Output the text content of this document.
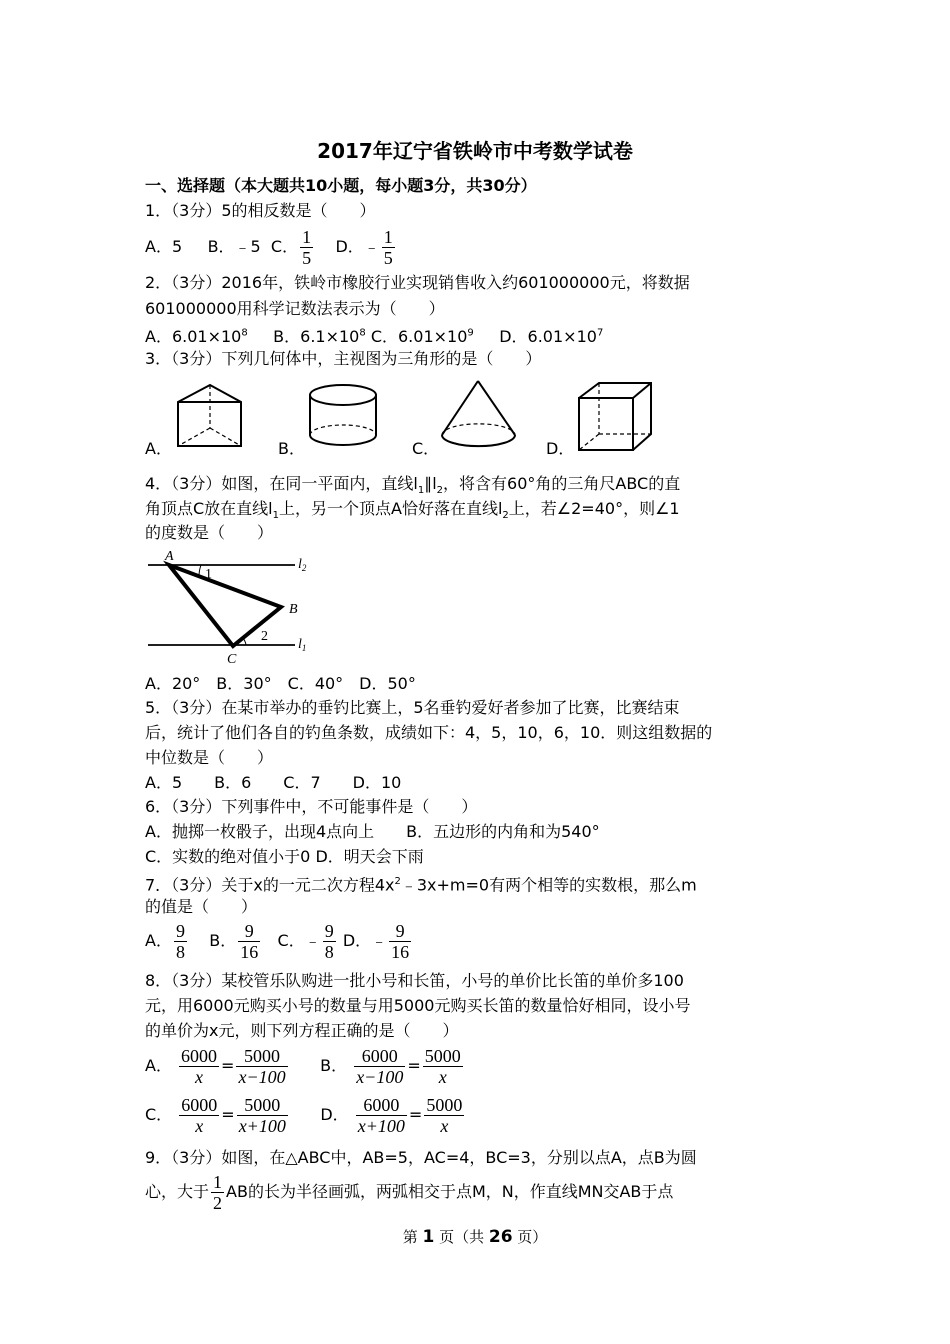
2017年辽宁省铁岭市中考数学试卷
一、选择题（本大题共10小题，每小题3分，共30分）
1．（3分）5的相反数是（　　）
A．5 B．﹣5 C． $\frac{1}{5}$ D．﹣ $\frac{1}{5}$
2．（3分）2016年，铁岭市橡胶行业实现销售收入约601000000元，将数据
601000000用科学记数法表示为（　　）
A．$6.01\times 10^8$ B．$6.1\times 10^8$ C．$6.01\times 10^9$ D．$6.01\times 10^7$
3．（3分）下列几何体中，主视图为三角形的是（　　）
A．	B．	C．	D．
4．（3分）如图，在同一平面内，直线$l_1\parallel l_2$，将含有60°角的三角尺ABC的直
角顶点C放在直线$l_1$上，另一个顶点A恰好落在直线$l_2$上，若∠2=40°，则∠1
的度数是（　　）
A
B
C
1
2
$l_2$
$l_1$
A．20°　B．30°　C．40°　D．50°
5．（3分）在某市举办的垂钓比赛上，5名垂钓爱好者参加了比赛，比赛结束
后，统计了他们各自的钓鱼条数，成绩如下：4，5，10，6，10．则这组数据的
中位数是（　　）
A．5　　B．6　　C．7　　D．10
6．（3分）下列事件中，不可能事件是（　　）
A．抛掷一枚骰子，出现4点向上　　B．五边形的内角和为540°
C．实数的绝对值小于0 D．明天会下雨
7．（3分）关于x的一元二次方程$4x^2﹣3x+m=0$有两个相等的实数根，那么m
的值是（　　）
A． $\frac{9}{8}$ B． $\frac{9}{16}$ C．﹣ $\frac{9}{8}$ D．﹣ $\frac{9}{16}$
8．（3分）某校管乐队购进一批小号和长笛，小号的单价比长笛的单价多100
元，用6000元购买小号的数量与用5000元购买长笛的数量恰好相同，设小号
的单价为x元，则下列方程正确的是（　　）
A． $\frac{6000}{x} = \frac{5000}{x-100}$ B． $\frac{6000}{x-100} = \frac{5000}{x}$
C． $\frac{6000}{x} = \frac{5000}{x+100}$ D． $\frac{6000}{x+100} = \frac{5000}{x}$
9．（3分）如图，在△ABC中，AB=5，AC=4，BC=3，分别以点A，点B为圆
心，大于 $\frac{1}{2}$ AB的长为半径画弧，两弧相交于点M，N，作直线MN交AB于点
第 1 页（共 26 页）
